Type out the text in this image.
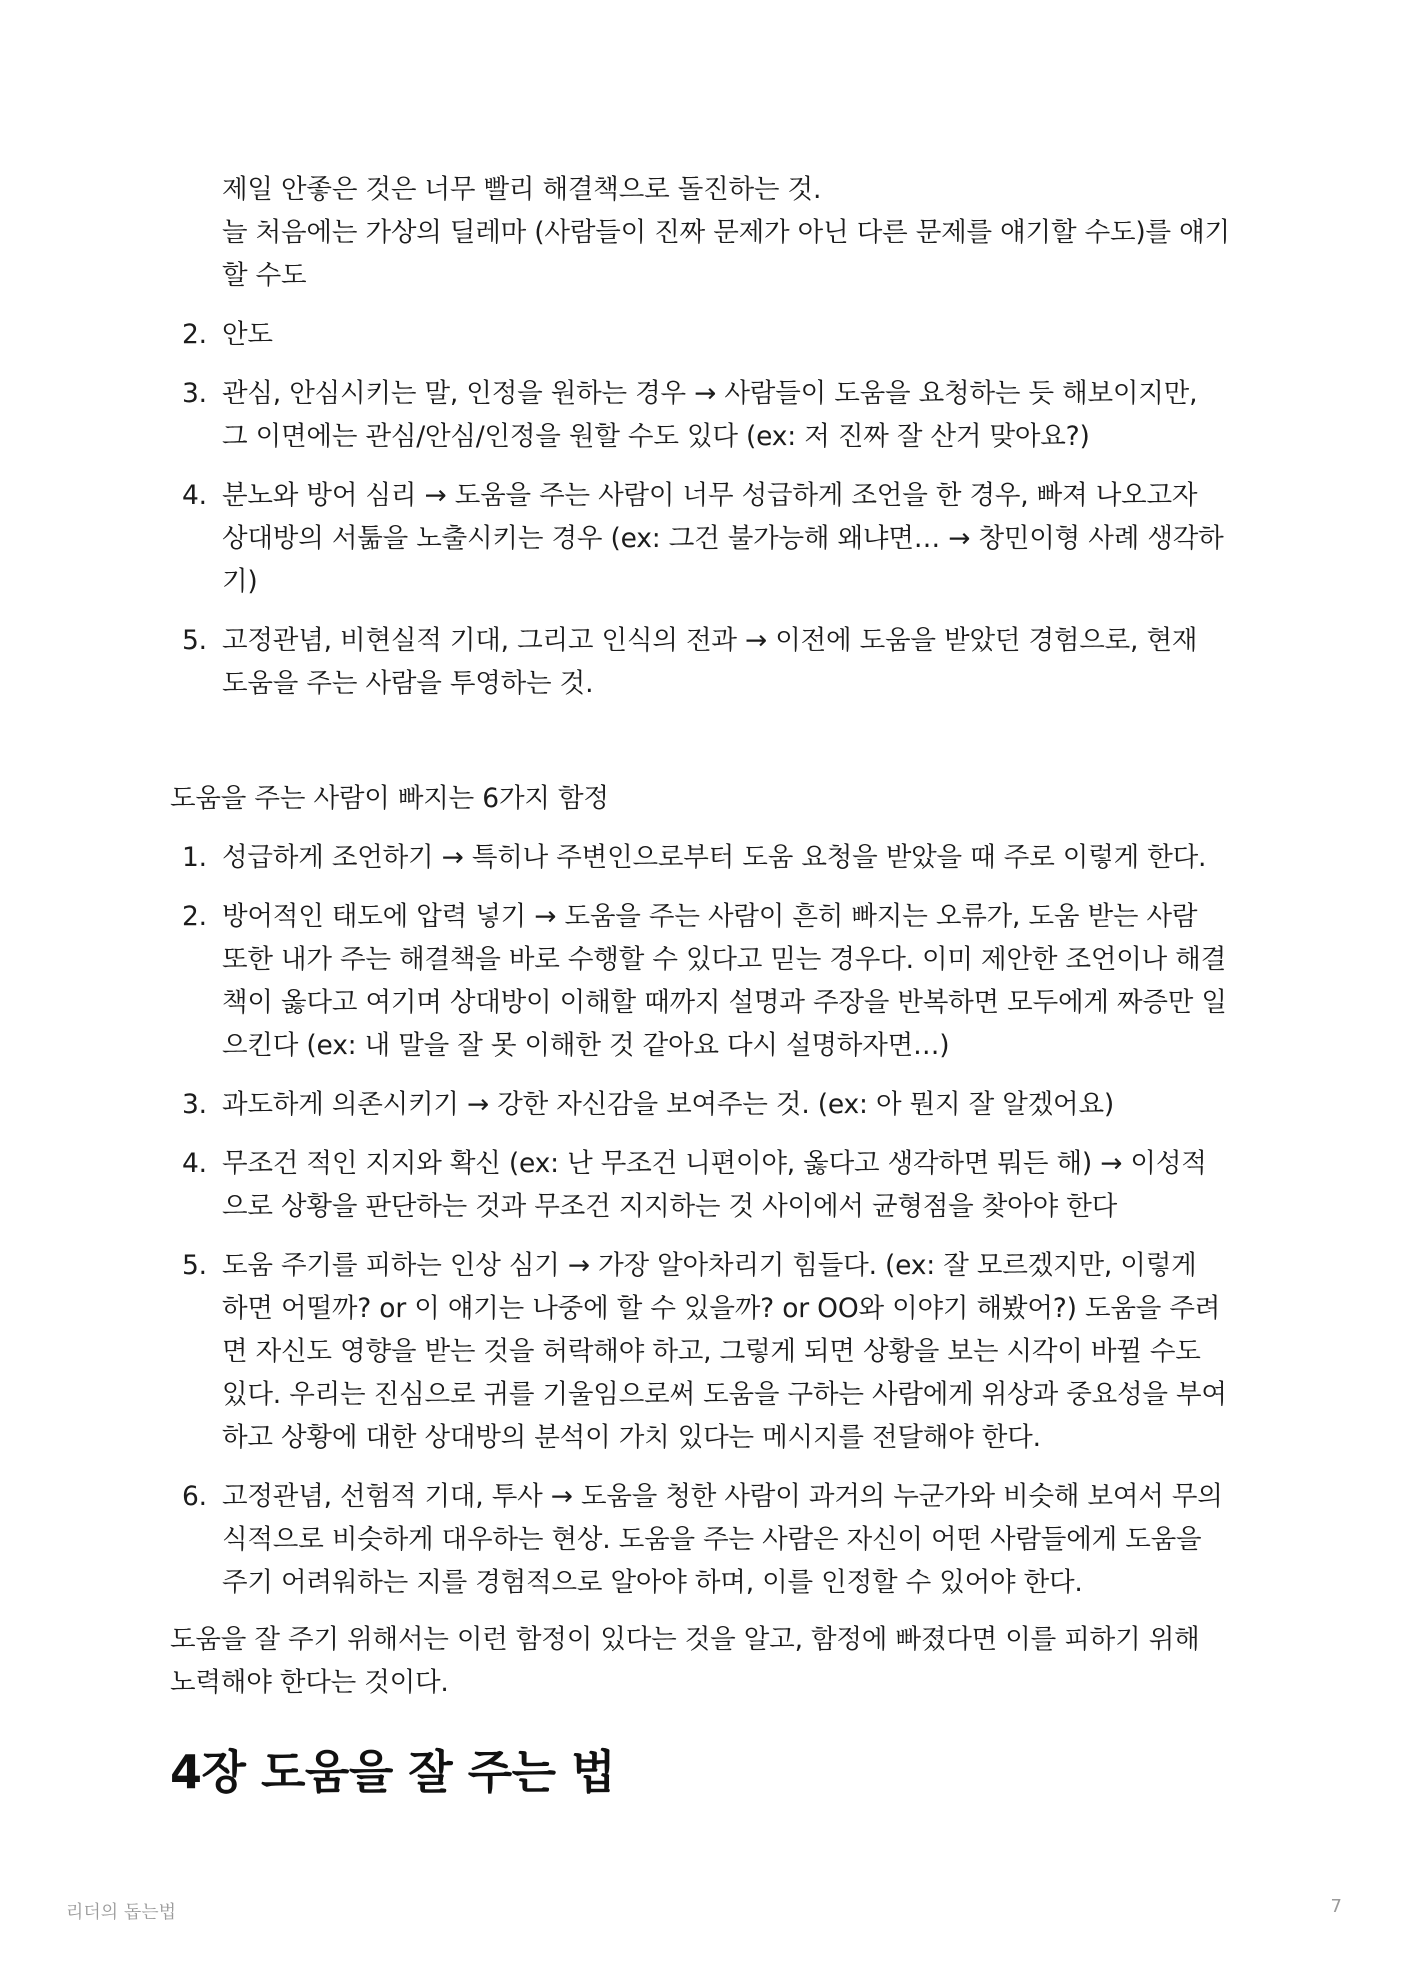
제일 안좋은 것은 너무 빨리 해결책으로 돌진하는 것.

늘 처음에는 가상의 딜레마 (사람들이 진짜 문제가 아닌 다른 문제를 얘기할 수도)를 얘기할 수도

2. 안도
3. 관심, 안심시키는 말, 인정을 원하는 경우 → 사람들이 도움을 요청하는 듯 해보이지만, 그 이면에는 관심/안심/인정을 원할 수도 있다 (ex: 저 진짜 잘 산거 맞아요?)
4. 분노와 방어 심리 → 도움을 주는 사람이 너무 성급하게 조언을 한 경우, 빠져 나오고자 상대방의 서툶을 노출시키는 경우 (ex: 그건 불가능해 왜냐면… → 창민이형 사례 생각하기)
5. 고정관념, 비현실적 기대, 그리고 인식의 전과 → 이전에 도움을 받았던 경험으로, 현재 도움을 주는 사람을 투영하는 것.

도움을 주는 사람이 빠지는 6가지 함정

1. 성급하게 조언하기 → 특히나 주변인으로부터 도움 요청을 받았을 때 주로 이렇게 한다.
2. 방어적인 태도에 압력 넣기 → 도움을 주는 사람이 흔히 빠지는 오류가, 도움 받는 사람 또한 내가 주는 해결책을 바로 수행할 수 있다고 믿는 경우다. 이미 제안한 조언이나 해결책이 옳다고 여기며 상대방이 이해할 때까지 설명과 주장을 반복하면 모두에게 짜증만 일으킨다 (ex: 내 말을 잘 못 이해한 것 같아요 다시 설명하자면…)
3. 과도하게 의존시키기 → 강한 자신감을 보여주는 것. (ex: 아 뭔지 잘 알겠어요)
4. 무조건 적인 지지와 확신 (ex: 난 무조건 니편이야, 옳다고 생각하면 뭐든 해) → 이성적으로 상황을 판단하는 것과 무조건 지지하는 것 사이에서 균형점을 찾아야 한다
5. 도움 주기를 피하는 인상 심기 → 가장 알아차리기 힘들다. (ex: 잘 모르겠지만, 이렇게 하면 어떨까? or 이 얘기는 나중에 할 수 있을까? or OO와 이야기 해봤어?) 도움을 주려면 자신도 영향을 받는 것을 허락해야 하고, 그렇게 되면 상황을 보는 시각이 바뀔 수도 있다. 우리는 진심으로 귀를 기울임으로써 도움을 구하는 사람에게 위상과 중요성을 부여하고 상황에 대한 상대방의 분석이 가치 있다는 메시지를 전달해야 한다.
6. 고정관념, 선험적 기대, 투사 → 도움을 청한 사람이 과거의 누군가와 비슷해 보여서 무의식적으로 비슷하게 대우하는 현상. 도움을 주는 사람은 자신이 어떤 사람들에게 도움을 주기 어려워하는 지를 경험적으로 알아야 하며, 이를 인정할 수 있어야 한다.

도움을 잘 주기 위해서는 이런 함정이 있다는 것을 알고, 함정에 빠졌다면 이를 피하기 위해 노력해야 한다는 것이다.

4장 도움을 잘 주는 법
리더의 돕는법	7
